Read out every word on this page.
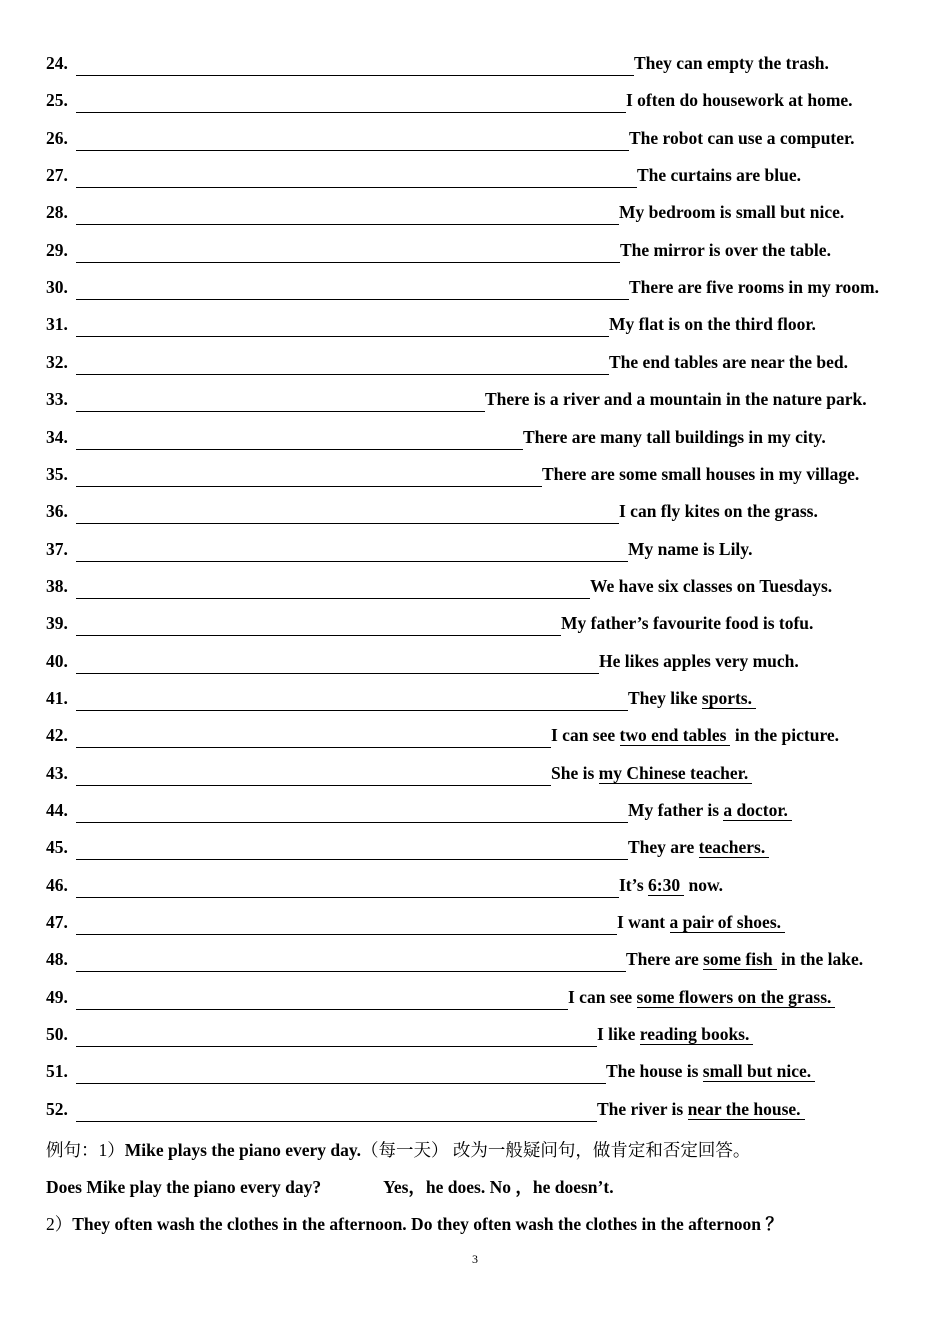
24.	They can empty the trash.
25.	I often do housework at home.
26.	The robot can use a computer.
27.	The curtains are blue.
28.	My bedroom is small but nice.
29.	The mirror is over the table.
30.	There are five rooms in my room.
31.	My flat is on the third floor.
32.	The end tables are near the bed.
33.	There is a river and a mountain in the nature park.
34.	There are many tall buildings in my city.
35.	There are some small houses in my village.
36.	I can fly kites on the grass.
37.	My name is Lily.
38.	We have six classes on Tuesdays.
39.	My father’s favourite food is tofu.
40.	He likes apples very much.
41.	They like sports.
42.	I can see two end tables in the picture.
43.	She is my Chinese teacher.
44.	My father is a doctor.
45.	They are teachers.
46.	It’s 6:30 now.
47.	I want a pair of shoes.
48.	There are some fish in the lake.
49.	I can see some flowers on the grass.
50.	I like reading books.
51.	The house is small but nice.
52.	The river is near the house.
例句：1）Mike plays the piano every day.（每一天） 改为一般疑问句，做肯定和否定回答。
Does Mike play the piano every day?	Yes，he does. No ，he doesn’t.
2）They often wash the clothes in the afternoon. Do they often wash the clothes in the afternoon ？
3
